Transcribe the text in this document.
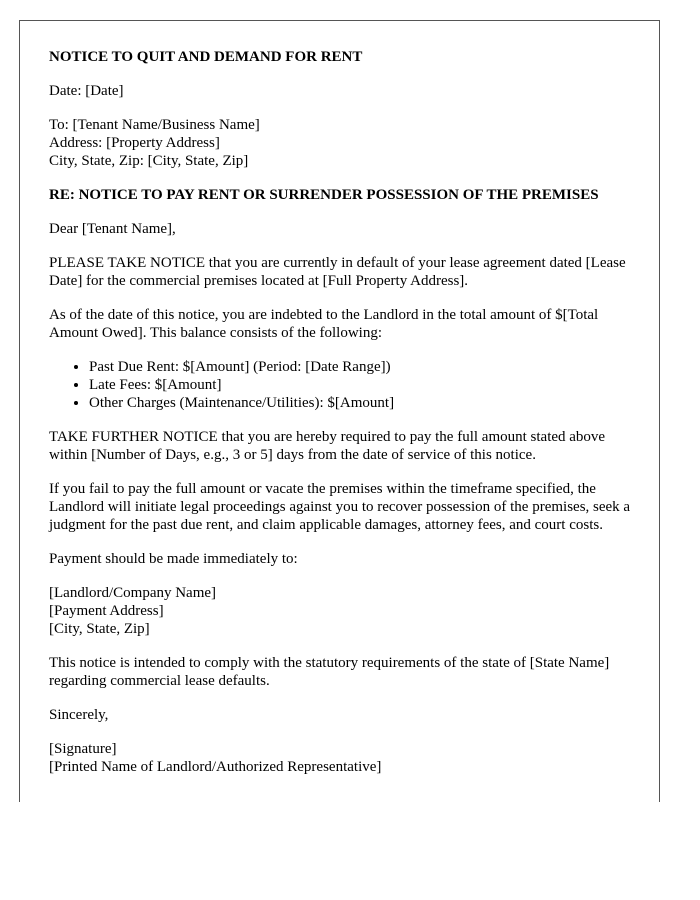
NOTICE TO QUIT AND DEMAND FOR RENT

Date: [Date]

To: [Tenant Name/Business Name]
Address: [Property Address]
City, State, Zip: [City, State, Zip]

RE: NOTICE TO PAY RENT OR SURRENDER POSSESSION OF THE PREMISES

Dear [Tenant Name],

PLEASE TAKE NOTICE that you are currently in default of your lease agreement dated [Lease Date] for the commercial premises located at [Full Property Address].

As of the date of this notice, you are indebted to the Landlord in the total amount of $[Total Amount Owed]. This balance consists of the following:

• Past Due Rent: $[Amount] (Period: [Date Range])
• Late Fees: $[Amount]
• Other Charges (Maintenance/Utilities): $[Amount]

TAKE FURTHER NOTICE that you are hereby required to pay the full amount stated above within [Number of Days, e.g., 3 or 5] days from the date of service of this notice.

If you fail to pay the full amount or vacate the premises within the timeframe specified, the Landlord will initiate legal proceedings against you to recover possession of the premises, seek a judgment for the past due rent, and claim applicable damages, attorney fees, and court costs.

Payment should be made immediately to:

[Landlord/Company Name]
[Payment Address]
[City, State, Zip]

This notice is intended to comply with the statutory requirements of the state of [State Name] regarding commercial lease defaults.

Sincerely,

[Signature]
[Printed Name of Landlord/Authorized Representative]
